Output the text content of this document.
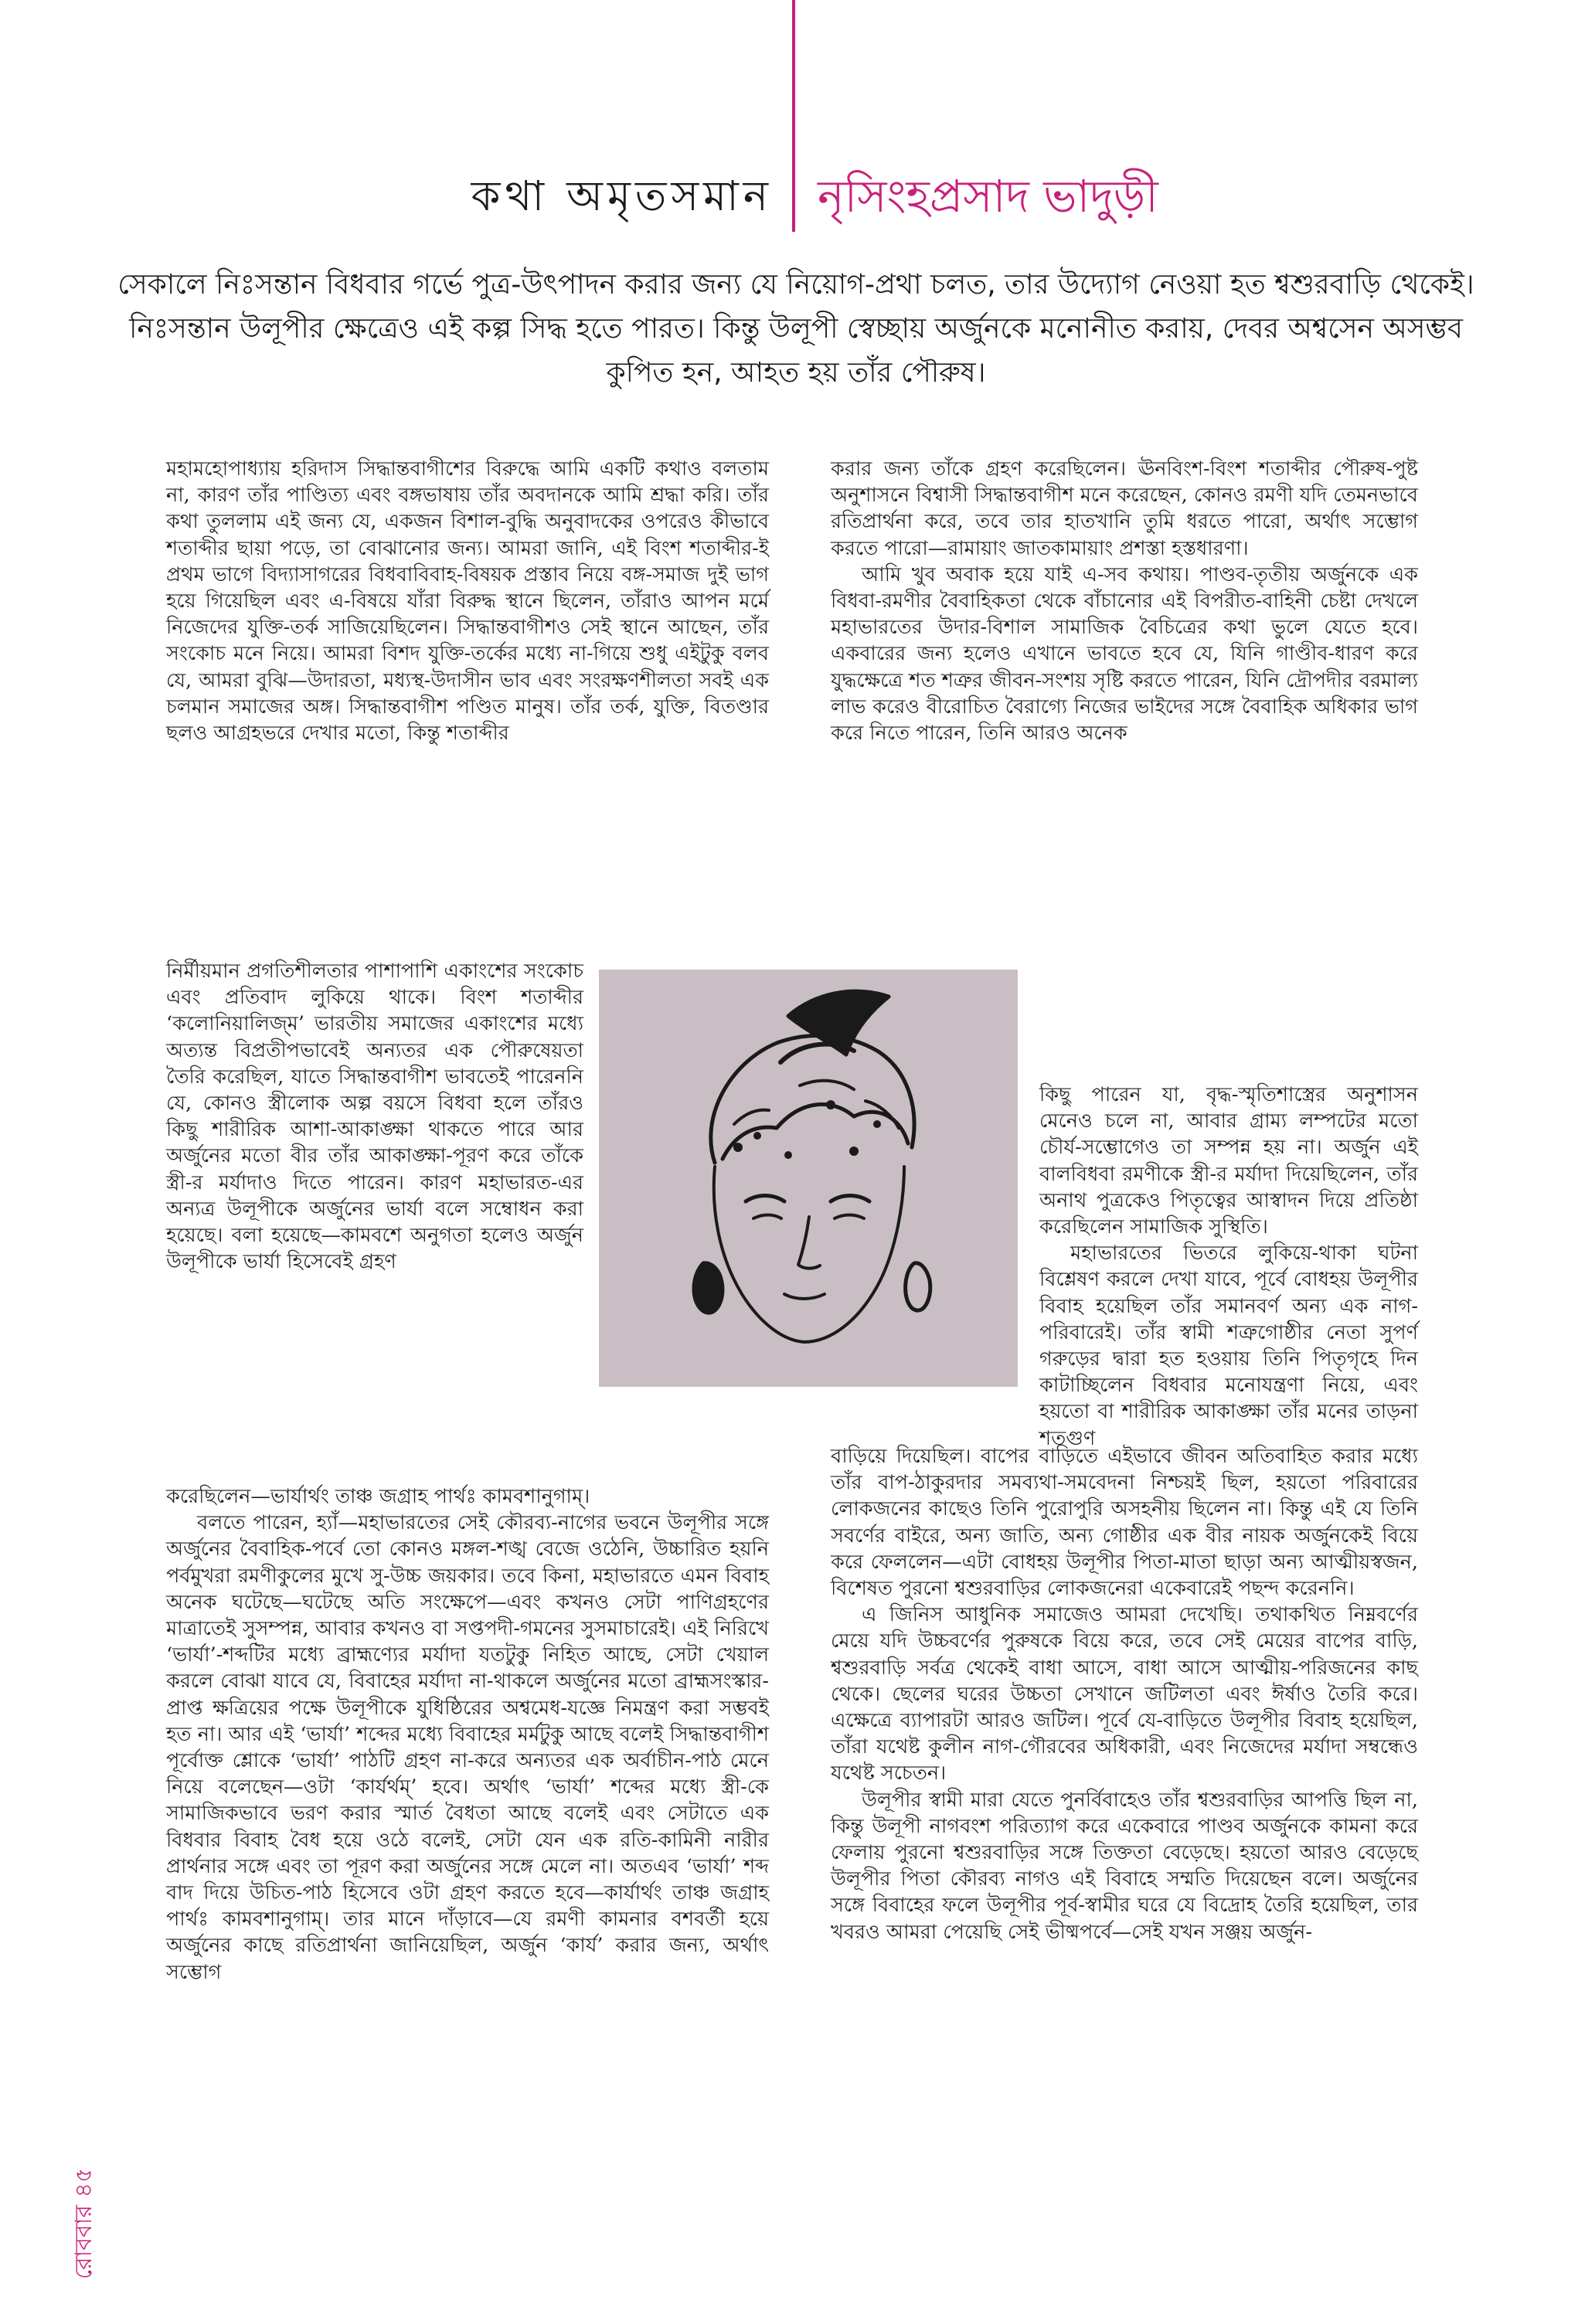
কথা অমৃতসমান নৃসিংহপ্রসাদ ভাদুড়ী
সেকালে নিঃসন্তান বিধবার গর্ভে পুত্র-উৎপাদন করার জন্য যে নিয়োগ-প্রথা চলত, তার উদ্যোগ নেওয়া হত শ্বশুরবাড়ি থেকেই। নিঃসন্তান উলূপীর ক্ষেত্রেও এই কল্প সিদ্ধ হতে পারত। কিন্তু উলূপী স্বেচ্ছায় অর্জুনকে মনোনীত করায়, দেবর অশ্বসেন অসম্ভব কুপিত হন, আহত হয় তাঁর পৌরুষ।

মহামহোপাধ্যায় হরিদাস সিদ্ধান্তবাগীশের বিরুদ্ধে আমি একটি কথাও বলতাম না, কারণ তাঁর পাণ্ডিত্য এবং বঙ্গভাষায় তাঁর অবদানকে আমি শ্রদ্ধা করি। তাঁর কথা তুললাম এই জন্য যে, একজন বিশাল-বুদ্ধি অনুবাদকের ওপরেও কীভাবে শতাব্দীর ছায়া পড়ে, তা বোঝানোর জন্য। আমরা জানি, এই বিংশ শতাব্দীর-ই প্রথম ভাগে বিদ্যাসাগরের বিধবাবিবাহ-বিষয়ক প্রস্তাব নিয়ে বঙ্গ-সমাজ দুই ভাগ হয়ে গিয়েছিল এবং এ-বিষয়ে যাঁরা বিরুদ্ধ স্থানে ছিলেন, তাঁরাও আপন মর্মে নিজেদের যুক্তি-তর্ক সাজিয়েছিলেন। সিদ্ধান্তবাগীশও সেই স্থানে আছেন, তাঁর সংকোচ মনে নিয়ে। আমরা বিশদ যুক্তি-তর্কের মধ্যে না-গিয়ে শুধু এইটুকু বলব যে, আমরা বুঝি—উদারতা, মধ্যস্থ-উদাসীন ভাব এবং সংরক্ষণশীলতা সবই এক চলমান সমাজের অঙ্গ। সিদ্ধান্তবাগীশ পণ্ডিত মানুষ। তাঁর তর্ক, যুক্তি, বিতণ্ডার ছলও আগ্রহভরে দেখার মতো, কিন্তু শতাব্দীর

নির্মীয়মান প্রগতিশীলতার পাশাপাশি একাংশের সংকোচ এবং প্রতিবাদ লুকিয়ে থাকে। বিংশ শতাব্দীর ‘কলোনিয়ালিজ্‌ম’ ভারতীয় সমাজের একাংশের মধ্যে অত্যন্ত বিপ্রতীপভাবেই অন্যতর এক পৌরুষেয়তা তৈরি করেছিল, যাতে সিদ্ধান্তবাগীশ ভাবতেই পারেননি যে, কোনও স্ত্রীলোক অল্প বয়সে বিধবা হলে তাঁরও কিছু শারীরিক আশা-আকাঙ্ক্ষা থাকতে পারে আর অর্জুনের মতো বীর তাঁর আকাঙ্ক্ষা-পূরণ করে তাঁকে স্ত্রী-র মর্যাদাও দিতে পারেন। কারণ মহাভারত-এর অন্যত্র উলূপীকে অর্জুনের ভার্যা বলে সম্বোধন করা হয়েছে। বলা হয়েছে—কামবশে অনুগতা হলেও অর্জুন উলূপীকে ভার্যা হিসেবেই গ্রহণ

করেছিলেন—ভার্যার্থং তাঞ্চ জগ্রাহ পার্থঃ কামবশানুগাম্‌।

বলতে পারেন, হ্যাঁ—মহাভারতের সেই কৌরব্য-নাগের ভবনে উলূপীর সঙ্গে অর্জুনের বৈবাহিক-পর্বে তো কোনও মঙ্গল-শঙ্খ বেজে ওঠেনি, উচ্চারিত হয়নি পর্বমুখরা রমণীকুলের মুখে সু-উচ্চ জয়কার। তবে কিনা, মহাভারতে এমন বিবাহ অনেক ঘটেছে—ঘটেছে অতি সংক্ষেপে—এবং কখনও সেটা পাণিগ্রহণের মাত্রাতেই সুসম্পন্ন, আবার কখনও বা সপ্তপদী-গমনের সুসমাচারেই। এই নিরিখে ‘ভার্যা’-শব্দটির মধ্যে ব্রাহ্মণ্যের মর্যাদা যতটুকু নিহিত আছে, সেটা খেয়াল করলে বোঝা যাবে যে, বিবাহের মর্যাদা না-থাকলে অর্জুনের মতো ব্রাহ্মসংস্কার-প্রাপ্ত ক্ষত্রিয়ের পক্ষে উলূপীকে যুধিষ্ঠিরের অশ্বমেধ-যজ্ঞে নিমন্ত্রণ করা সম্ভবই হত না। আর এই ‘ভার্যা’ শব্দের মধ্যে বিবাহের মর্মটুকু আছে বলেই সিদ্ধান্তবাগীশ পূর্বোক্ত শ্লোকে ‘ভার্যা’ পাঠটি গ্রহণ না-করে অন্যতর এক অর্বাচীন-পাঠ মেনে নিয়ে বলেছেন—ওটা ‘কার্যর্থম্‌’ হবে। অর্থাৎ ‘ভার্যা’ শব্দের মধ্যে স্ত্রী-কে সামাজিকভাবে ভরণ করার স্মার্ত বৈধতা আছে বলেই এবং সেটাতে এক বিধবার বিবাহ বৈধ হয়ে ওঠে বলেই, সেটা যেন এক রতি-কামিনী নারীর প্রার্থনার সঙ্গে এবং তা পূরণ করা অর্জুনের সঙ্গে মেলে না। অতএব ‘ভার্যা’ শব্দ বাদ দিয়ে উচিত-পাঠ হিসেবে ওটা গ্রহণ করতে হবে—কার্যার্থং তাঞ্চ জগ্রাহ পার্থঃ কামবশানুগাম্‌। তার মানে দাঁড়াবে—যে রমণী কামনার বশবর্তী হয়ে অর্জুনের কাছে রতিপ্রার্থনা জানিয়েছিল, অর্জুন ‘কার্য’ করার জন্য, অর্থাৎ সম্ভোগ

করার জন্য তাঁকে গ্রহণ করেছিলেন। ঊনবিংশ-বিংশ শতাব্দীর পৌরুষ-পুষ্ট অনুশাসনে বিশ্বাসী সিদ্ধান্তবাগীশ মনে করেছেন, কোনও রমণী যদি তেমনভাবে রতিপ্রার্থনা করে, তবে তার হাতখানি তুমি ধরতে পারো, অর্থাৎ সম্ভোগ করতে পারো—রামায়াং জাতকামায়াং প্রশস্তা হস্তধারণা।

আমি খুব অবাক হয়ে যাই এ-সব কথায়। পাণ্ডব-তৃতীয় অর্জুনকে এক বিধবা-রমণীর বৈবাহিকতা থেকে বাঁচানোর এই বিপরীত-বাহিনী চেষ্টা দেখলে মহাভারতের উদার-বিশাল সামাজিক বৈচিত্রের কথা ভুলে যেতে হবে। একবারের জন্য হলেও এখানে ভাবতে হবে যে, যিনি গাণ্ডীব-ধারণ করে যুদ্ধক্ষেত্রে শত শত্রুর জীবন-সংশয় সৃষ্টি করতে পারেন, যিনি দ্রৌপদীর বরমাল্য লাভ করেও বীরোচিত বৈরাগ্যে নিজের ভাইদের সঙ্গে বৈবাহিক অধিকার ভাগ করে নিতে পারেন, তিনি আরও অনেক

কিছু পারেন যা, বৃদ্ধ-স্মৃতিশাস্ত্রের অনুশাসন মেনেও চলে না, আবার গ্রাম্য লম্পটের মতো চৌর্য-সম্ভোগেও তা সম্পন্ন হয় না। অর্জুন এই বালবিধবা রমণীকে স্ত্রী-র মর্যাদা দিয়েছিলেন, তাঁর অনাথ পুত্রকেও পিতৃত্বের আস্বাদন দিয়ে প্রতিষ্ঠা করেছিলেন সামাজিক সুস্থিতি।

মহাভারতের ভিতরে লুকিয়ে-থাকা ঘটনা বিশ্লেষণ করলে দেখা যাবে, পূর্বে বোধহয় উলূপীর বিবাহ হয়েছিল তাঁর সমানবর্ণ অন্য এক নাগ-পরিবারেই। তাঁর স্বামী শত্রুগোষ্ঠীর নেতা সুপর্ণ গরুড়ের দ্বারা হত হওয়ায় তিনি পিতৃগৃহে দিন কাটাচ্ছিলেন বিধবার মনোযন্ত্রণা নিয়ে, এবং হয়তো বা শারীরিক আকাঙ্ক্ষা তাঁর মনের তাড়না শতগুণ

বাড়িয়ে দিয়েছিল। বাপের বাড়িতে এইভাবে জীবন অতিবাহিত করার মধ্যে তাঁর বাপ-ঠাকুরদার সমব্যথা-সমবেদনা নিশ্চয়ই ছিল, হয়তো পরিবারের লোকজনের কাছেও তিনি পুরোপুরি অসহনীয় ছিলেন না। কিন্তু এই যে তিনি সবর্ণের বাইরে, অন্য জাতি, অন্য গোষ্ঠীর এক বীর নায়ক অর্জুনকেই বিয়ে করে ফেললেন—এটা বোধহয় উলূপীর পিতা-মাতা ছাড়া অন্য আত্মীয়স্বজন, বিশেষত পুরনো শ্বশুরবাড়ির লোকজনেরা একেবারেই পছন্দ করেননি।

এ জিনিস আধুনিক সমাজেও আমরা দেখেছি। তথাকথিত নিম্নবর্ণের মেয়ে যদি উচ্চবর্ণের পুরুষকে বিয়ে করে, তবে সেই মেয়ের বাপের বাড়ি, শ্বশুরবাড়ি সর্বত্র থেকেই বাধা আসে, বাধা আসে আত্মীয়-পরিজনের কাছ থেকে। ছেলের ঘরের উচ্চতা সেখানে জটিলতা এবং ঈর্ষাও তৈরি করে। এক্ষেত্রে ব্যাপারটা আরও জটিল। পূর্বে যে-বাড়িতে উলূপীর বিবাহ হয়েছিল, তাঁরা যথেষ্ট কুলীন নাগ-গৌরবের অধিকারী, এবং নিজেদের মর্যাদা সম্বন্ধেও যথেষ্ট সচেতন।

উলূপীর স্বামী মারা যেতে পুনর্বিবাহেও তাঁর শ্বশুরবাড়ির আপত্তি ছিল না, কিন্তু উলূপী নাগবংশ পরিত্যাগ করে একেবারে পাণ্ডব অর্জুনকে কামনা করে ফেলায় পুরনো শ্বশুরবাড়ির সঙ্গে তিক্ততা বেড়েছে। হয়তো আরও বেড়েছে উলূপীর পিতা কৌরব্য নাগও এই বিবাহে সম্মতি দিয়েছেন বলে। অর্জুনের সঙ্গে বিবাহের ফলে উলূপীর পূর্ব-স্বামীর ঘরে যে বিদ্রোহ তৈরি হয়েছিল, তার খবরও আমরা পেয়েছি সেই ভীষ্মপর্বে—সেই যখন সঞ্জয় অর্জুন-

রোববার ৪৫
